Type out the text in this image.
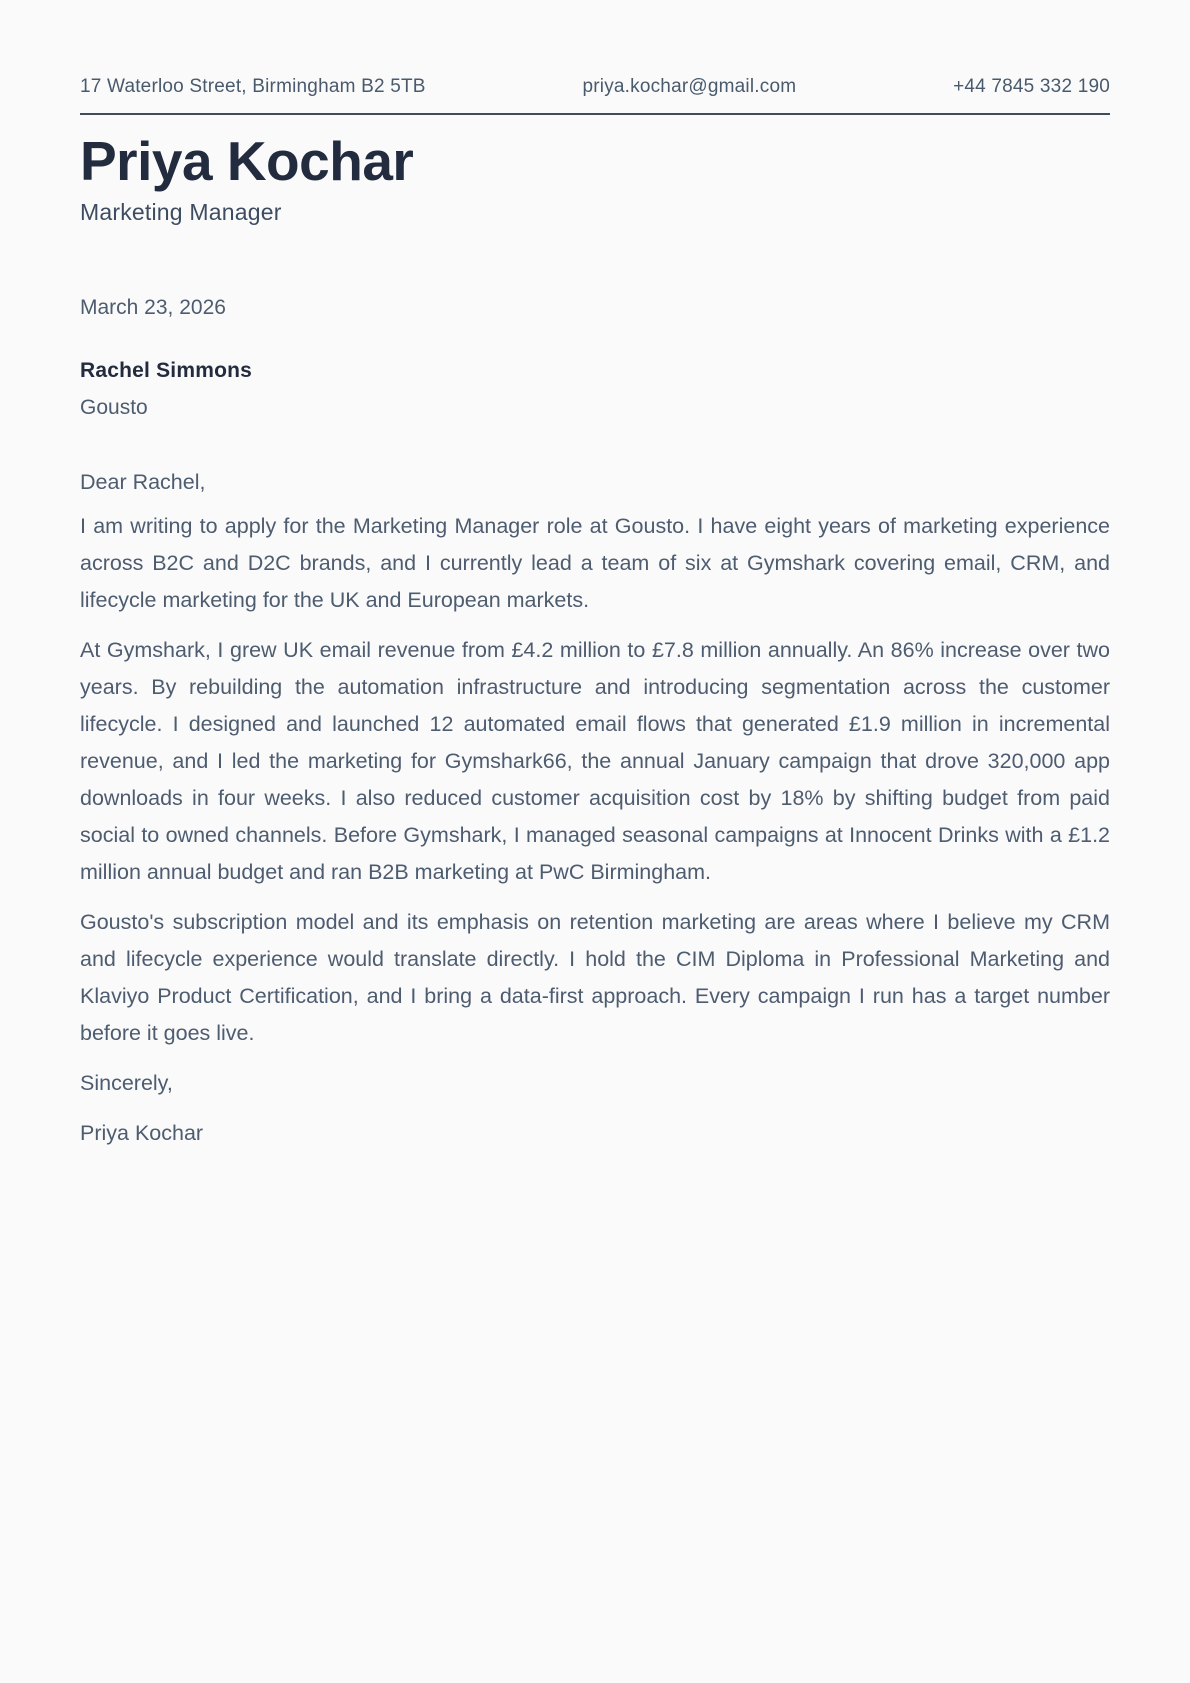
17 Waterloo Street, Birmingham B2 5TB	priya.kochar@gmail.com	+44 7845 332 190
Priya Kochar
Marketing Manager
March 23, 2026
Rachel Simmons
Gousto

Dear Rachel,

I am writing to apply for the Marketing Manager role at Gousto. I have eight years of marketing experience across B2C and D2C brands, and I currently lead a team of six at Gymshark covering email, CRM, and lifecycle marketing for the UK and European markets.

At Gymshark, I grew UK email revenue from £4.2 million to £7.8 million annually. An 86% increase over two years. By rebuilding the automation infrastructure and introducing segmentation across the customer lifecycle. I designed and launched 12 automated email flows that generated £1.9 million in incremental revenue, and I led the marketing for Gymshark66, the annual January campaign that drove 320,000 app downloads in four weeks. I also reduced customer acquisition cost by 18% by shifting budget from paid social to owned channels. Before Gymshark, I managed seasonal campaigns at Innocent Drinks with a £1.2 million annual budget and ran B2B marketing at PwC Birmingham.

Gousto's subscription model and its emphasis on retention marketing are areas where I believe my CRM and lifecycle experience would translate directly. I hold the CIM Diploma in Professional Marketing and Klaviyo Product Certification, and I bring a data-first approach. Every campaign I run has a target number before it goes live.

Sincerely,

Priya Kochar
